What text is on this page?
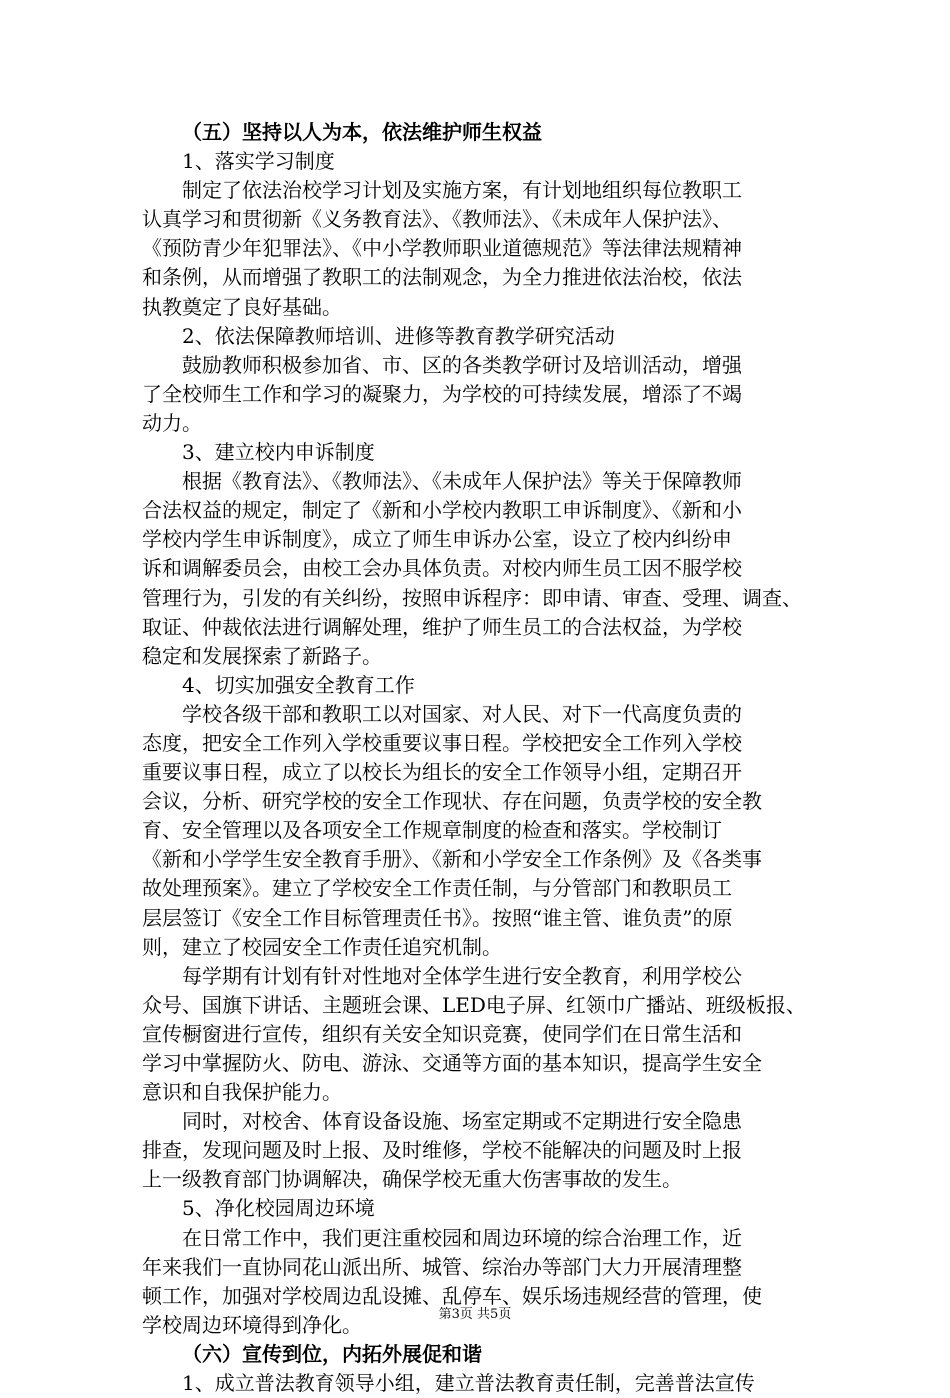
（五）坚持以人为本，依法维护师生权益
1、落实学习制度
制定了依法治校学习计划及实施方案，有计划地组织每位教职工
认真学习和贯彻新《义务教育法》、《教师法》、《未成年人保护法》、
《预防青少年犯罪法》、《中小学教师职业道德规范》等法律法规精神
和条例，从而增强了教职工的法制观念，为全力推进依法治校，依法
执教奠定了良好基础。
2、依法保障教师培训、进修等教育教学研究活动
鼓励教师积极参加省、市、区的各类教学研讨及培训活动，增强
了全校师生工作和学习的凝聚力，为学校的可持续发展，增添了不竭
动力。
3、建立校内申诉制度
根据《教育法》、《教师法》、《未成年人保护法》等关于保障教师
合法权益的规定，制定了《新和小学校内教职工申诉制度》、《新和小
学校内学生申诉制度》，成立了师生申诉办公室，设立了校内纠纷申
诉和调解委员会，由校工会办具体负责。对校内师生员工因不服学校
管理行为，引发的有关纠纷，按照申诉程序：即申请、审查、受理、调查、
取证、仲裁依法进行调解处理，维护了师生员工的合法权益，为学校
稳定和发展探索了新路子。
4、切实加强安全教育工作
学校各级干部和教职工以对国家、对人民、对下一代高度负责的
态度，把安全工作列入学校重要议事日程。学校把安全工作列入学校
重要议事日程，成立了以校长为组长的安全工作领导小组，定期召开
会议，分析、研究学校的安全工作现状、存在问题，负责学校的安全教
育、安全管理以及各项安全工作规章制度的检查和落实。学校制订
《新和小学学生安全教育手册》、《新和小学安全工作条例》及《各类事
故处理预案》。建立了学校安全工作责任制，与分管部门和教职员工
层层签订《安全工作目标管理责任书》。按照“谁主管、谁负责”的原
则，建立了校园安全工作责任追究机制。
每学期有计划有针对性地对全体学生进行安全教育，利用学校公
众号、国旗下讲话、主题班会课、LED电子屏、红领巾广播站、班级板报、
宣传橱窗进行宣传，组织有关安全知识竞赛，使同学们在日常生活和
学习中掌握防火、防电、游泳、交通等方面的基本知识，提高学生安全
意识和自我保护能力。
同时，对校舍、体育设备设施、场室定期或不定期进行安全隐患
排查，发现问题及时上报、及时维修，学校不能解决的问题及时上报
上一级教育部门协调解决，确保学校无重大伤害事故的发生。
5、净化校园周边环境
在日常工作中，我们更注重校园和周边环境的综合治理工作，近
年来我们一直协同花山派出所、城管、综治办等部门大力开展清理整
顿工作，加强对学校周边乱设摊、乱停车、娱乐场违规经营的管理，使
学校周边环境得到净化。
（六）宣传到位，内拓外展促和谐
1、成立普法教育领导小组，建立普法教育责任制，完善普法宣传
第3页 共5页
